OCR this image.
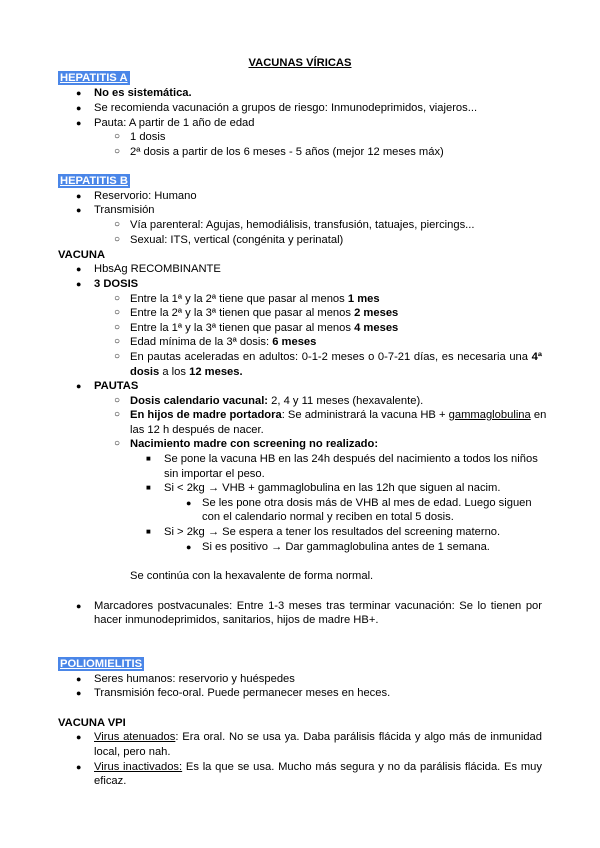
VACUNAS VÍRICAS
HEPATITIS A
● No es sistemática.
● Se recomienda vacunación a grupos de riesgo: Inmunodeprimidos, viajeros...
● Pauta: A partir de 1 año de edad
○ 1 dosis
○ 2ª dosis a partir de los 6 meses - 5 años (mejor 12 meses máx)
HEPATITIS B
● Reservorio: Humano
● Transmisión
○ Vía parenteral: Agujas, hemodiálisis, transfusión, tatuajes, piercings...
○ Sexual: ITS, vertical (congénita y perinatal)
VACUNA
● HbsAg RECOMBINANTE
● 3 DOSIS
○ Entre la 1ª y la 2ª tiene que pasar al menos 1 mes
○ Entre la 2ª y la 3ª tienen que pasar al menos 2 meses
○ Entre la 1ª y la 3ª tienen que pasar al menos 4 meses
○ Edad mínima de la 3ª dosis: 6 meses
○ En pautas aceleradas en adultos: 0-1-2 meses o 0-7-21 días, es necesaria una 4ª
dosis a los 12 meses.
● PAUTAS
○ Dosis calendario vacunal: 2, 4 y 11 meses (hexavalente).
○ En hijos de madre portadora: Se administrará la vacuna HB + gammaglobulina en
las 12 h después de nacer.
○ Nacimiento madre con screening no realizado:
■ Se pone la vacuna HB en las 24h después del nacimiento a todos los niños
sin importar el peso.
■ Si < 2kg → VHB + gammaglobulina en las 12h que siguen al nacim.
● Se les pone otra dosis más de VHB al mes de edad. Luego siguen
con el calendario normal y reciben en total 5 dosis.
■ Si > 2kg → Se espera a tener los resultados del screening materno.
● Si es positivo → Dar gammaglobulina antes de 1 semana.
Se continúa con la hexavalente de forma normal.
● Marcadores postvacunales: Entre 1-3 meses tras terminar vacunación: Se lo tienen por
hacer inmunodeprimidos, sanitarios, hijos de madre HB+.
POLIOMIELITIS
● Seres humanos: reservorio y huéspedes
● Transmisión feco-oral. Puede permanecer meses en heces.
VACUNA VPI
● Virus atenuados: Era oral. No se usa ya. Daba parálisis flácida y algo más de inmunidad
local, pero nah.
● Virus inactivados: Es la que se usa. Mucho más segura y no da parálisis flácida. Es muy
eficaz.
